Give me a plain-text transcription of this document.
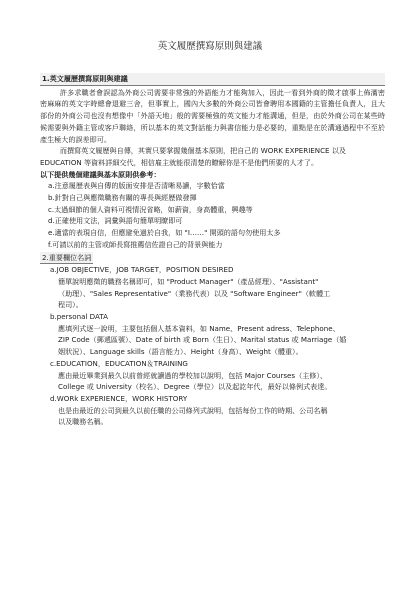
英文履歷撰寫原則與建議
1.英文履歷撰寫原則與建議

許多求職者會誤認為外商公司需要非常強的外語能力才能夠加入，因此一看到外商的徵才啟事上佈滿密密麻麻的英文字時總會退避三舍，但事實上，國內大多數的外商公司皆會聘用本國籍的主管擔任負責人，且大部份的外商公司也沒有想像中「外語天地」般的需要極強的英文能力才能溝通，但是，由於外商公司在某些時候需要與外籍主管或客戶聯絡，所以基本的英文對話能力與書信能力是必要的，重點是在於溝通過程中不至於產生極大的誤差即可。

而撰寫英文履歷與自傳，其實只要掌握幾個基本原則，把自己的 WORK EXPERIENCE 以及 EDUCATION 等資料詳細交代，相信雇主就能很清楚的瞭解你是不是他們所要的人才了。

以下提供幾個建議與基本原則供參考：

a.注意履歷表與自傳的版面安排是否清晰易讀，字數恰當

b.針對自己與應徵職務有關的專長與經歷做發揮

c.太過細節的個人資料可視情況省略，如薪資，身高體重，興趣等

d.正確使用文法，詞彙與語句簡單明瞭即可

e.適當的表現自信，但應避免過於自我，如 "I……" 開頭的語句勿使用太多

f.可請以前的主管或師長寫推薦信佐證自己的背景與能力

2.重要欄位名詞

a.JOB OBJECTIVE，JOB TARGET，POSITION DESIRED

簡單說明應徵的職務名稱即可，如 "Product Manager"（產品經理）、"Assistant"

（助理）、"Sales Representative"（業務代表）以及 "Software Engineer"（軟體工

程司）。

b.personal DATA

應填列式逐一說明，主要包括個人基本資料，如 Name、Present adress、Telephone、

ZIP Code（郵遞區號）、Date of birth 或 Born（生日）、Marital status 或 Marriage（婚

姻狀況）、Language skills（語言能力）、Height（身高）、Weight（體重）。

c.EDUCATION，EDUCATION＆TRAINING

應由最近畢業到最久以前曾經就讀過的學校加以說明，包括 Major Courses（主修）、

College 或 University（校名）、Degree（學位）以及起訖年代，最好以條例式表達。

d.WORk EXPERIENCE，WORK HISTORY

也是由最近的公司到最久以前任職的公司條列式說明，包括每份工作的時期、公司名稱

以及職務名稱。
